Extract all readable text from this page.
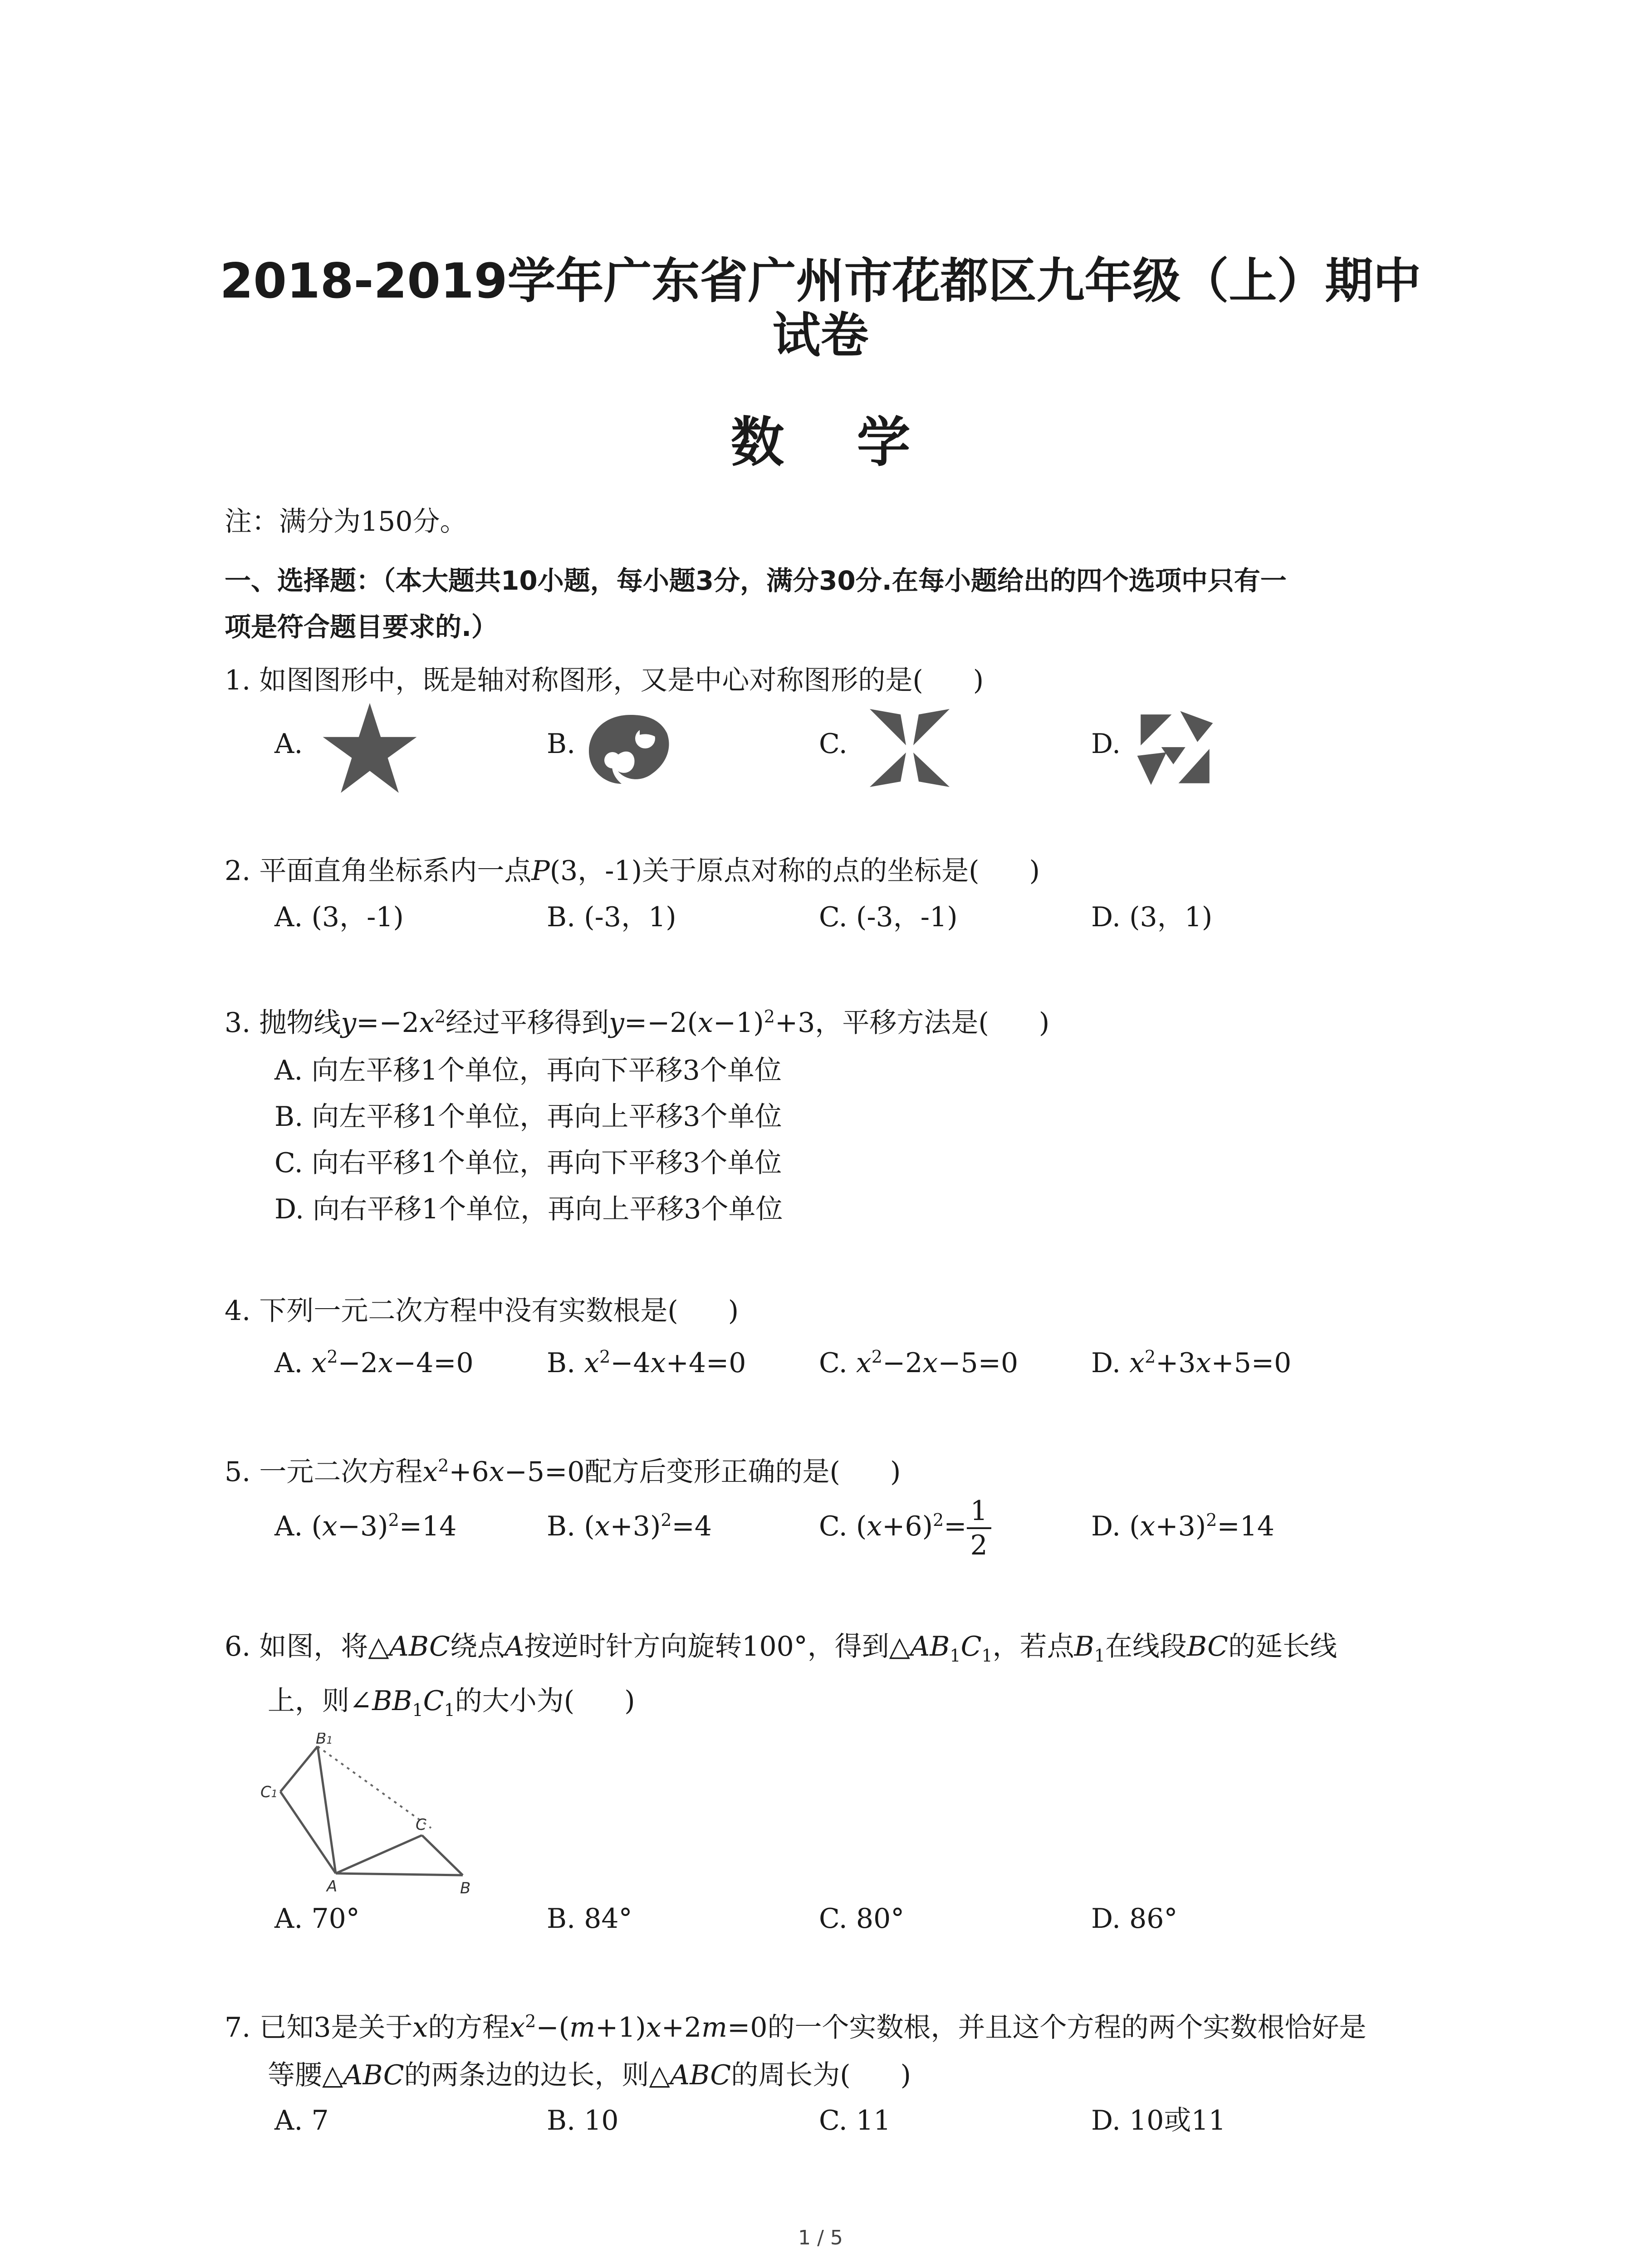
2018-2019学年广东省广州市花都区九年级（上）期中
试卷
数学
注：满分为150分。
一、选择题：（本大题共10小题，每小题3分，满分30分.在每小题给出的四个选项中只有一
项是符合题目要求的.）
1. 如图图形中，既是轴对称图形，又是中心对称图形的是( )
A.	B.	C.	D.
2. 平面直角坐标系内一点P(3，-1)关于原点对称的点的坐标是( )
A. (3，-1)	B. (-3，1)	C. (-3，-1)	D. (3，1)
3. 抛物线$y=-2x^2$经过平移得到$y=-2(x-1)^2+3$，平移方法是( )
A. 向左平移1个单位，再向下平移3个单位
B. 向左平移1个单位，再向上平移3个单位
C. 向右平移1个单位，再向下平移3个单位
D. 向右平移1个单位，再向上平移3个单位
4. 下列一元二次方程中没有实数根是( )
A. $x^2-2x-4=0$	B. $x^2-4x+4=0$	C. $x^2-2x-5=0$	D. $x^2+3x+5=0$
5. 一元二次方程$x^2+6x-5=0$配方后变形正确的是( )
A. $(x-3)^2=14$	B. $(x+3)^2=4$	C. $(x+6)^2= \frac{1}{2}$	D. $(x+3)^2=14$
6. 如图，将△ABC绕点A按逆时针方向旋转100°，得到$\triangle AB_1C_1$，若点$B_1$在线段BC的延长线
上，则$\angle BB_1C_1$的大小为( )
B1
C1
C
A	B
A. 70°	B. 84°	C. 80°	D. 86°
7. 已知3是关于x的方程$x^2-(m+1)x+2m=0$的一个实数根，并且这个方程的两个实数根恰好是
等腰△ABC的两条边的边长，则△ABC的周长为( )
A. 7	B. 10	C. 11	D. 10或11
1 / 5
